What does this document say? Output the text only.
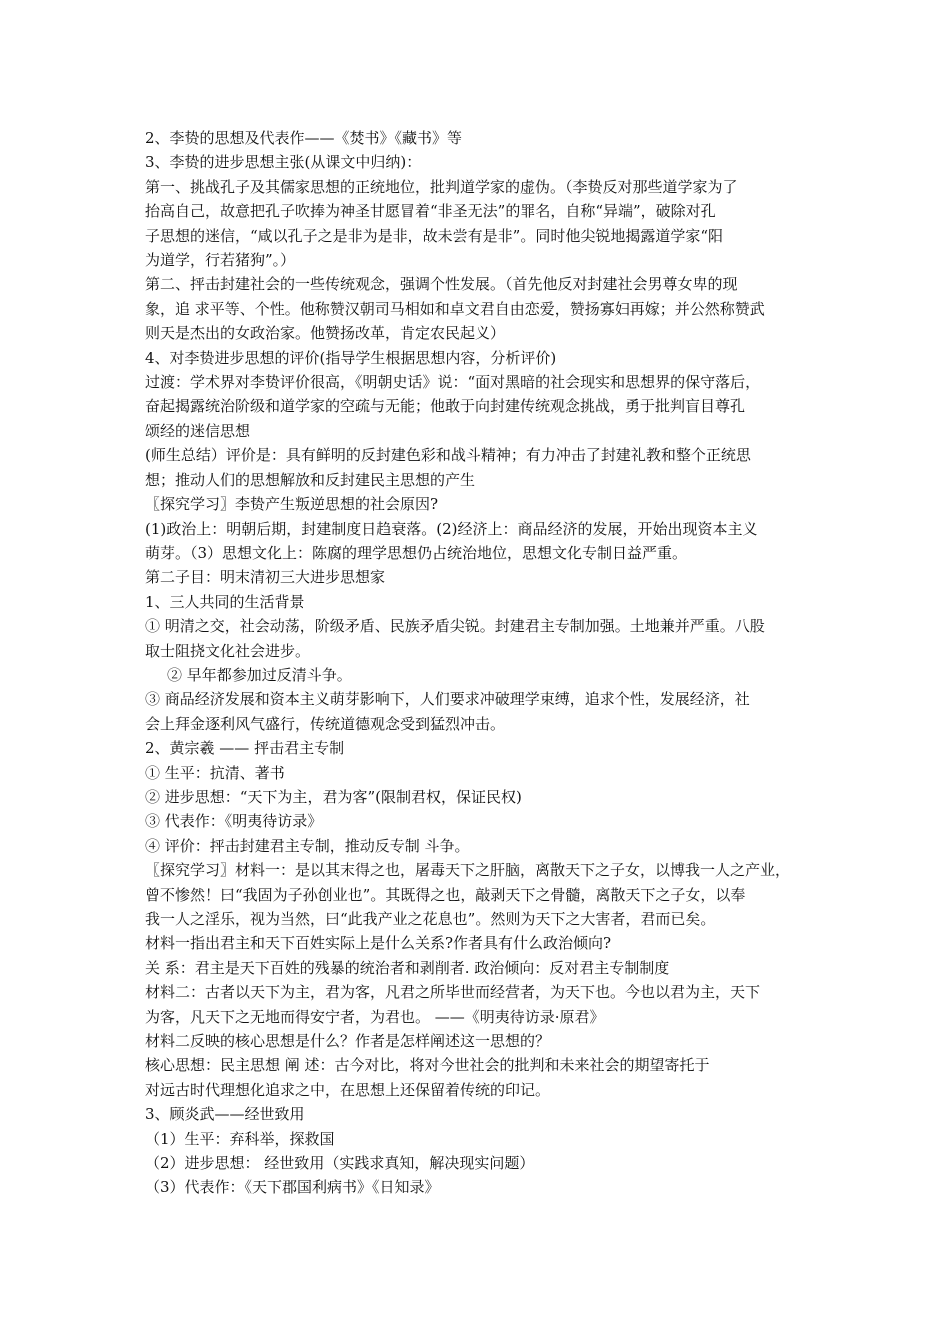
2、李贽的思想及代表作——《焚书》《藏书》等
3、李贽的进步思想主张(从课文中归纳)：
第一、挑战孔子及其儒家思想的正统地位，批判道学家的虚伪。（李贽反对那些道学家为了
抬高自己，故意把孔子吹捧为神圣甘愿冒着“非圣无法”的罪名，自称“异端”，破除对孔
子思想的迷信，“咸以孔子之是非为是非，故未尝有是非”。同时他尖锐地揭露道学家“阳
为道学，行若猪狗”。）
第二、抨击封建社会的一些传统观念，强调个性发展。（首先他反对封建社会男尊女卑的现
象，追 求平等、个性。他称赞汉朝司马相如和卓文君自由恋爱，赞扬寡妇再嫁；并公然称赞武
则天是杰出的女政治家。他赞扬改革，肯定农民起义）
4、对李贽进步思想的评价(指导学生根据思想内容，分析评价)
过渡：学术界对李贽评价很高，《明朝史话》说：“面对黑暗的社会现实和思想界的保守落后，
奋起揭露统治阶级和道学家的空疏与无能；他敢于向封建传统观念挑战，勇于批判盲目尊孔
颂经的迷信思想
(师生总结）评价是：具有鲜明的反封建色彩和战斗精神；有力冲击了封建礼教和整个正统思
想；推动人们的思想解放和反封建民主思想的产生
〖探究学习〗李贽产生叛逆思想的社会原因?
(1)政治上：明朝后期，封建制度日趋衰落。(2)经济上：商品经济的发展，开始出现资本主义
萌芽。（3）思想文化上：陈腐的理学思想仍占统治地位，思想文化专制日益严重。
第二子目：明末清初三大进步思想家
1、三人共同的生活背景
① 明清之交，社会动荡，阶级矛盾、民族矛盾尖锐。封建君主专制加强。土地兼并严重。八股
取士阻挠文化社会进步。
② 早年都参加过反清斗争。
③ 商品经济发展和资本主义萌芽影响下，人们要求冲破理学束缚，追求个性，发展经济，社
会上拜金逐利风气盛行，传统道德观念受到猛烈冲击。
2、黄宗羲 —— 抨击君主专制
① 生平：抗清、著书
② 进步思想：“天下为主，君为客”(限制君权，保证民权)
③ 代表作：《明夷待访录》
④ 评价：抨击封建君主专制，推动反专制 斗争。
〖探究学习〗材料一：是以其末得之也，屠毒天下之肝脑，离散天下之子女，以博我一人之产业，
曾不惨然！曰“我固为子孙创业也”。其既得之也，敲剥天下之骨髓，离散天下之子女，以奉
我一人之淫乐，视为当然，曰“此我产业之花息也”。然则为天下之大害者，君而已矣。
材料一指出君主和天下百姓实际上是什么关系?作者具有什么政治倾向?
关 系：君主是天下百姓的残暴的统治者和剥削者. 政治倾向：反对君主专制制度
材料二：古者以天下为主，君为客，凡君之所毕世而经营者，为天下也。今也以君为主，天下
为客，凡天下之无地而得安宁者，为君也。 ——《明夷待访录·原君》
材料二反映的核心思想是什么？作者是怎样阐述这一思想的？
核心思想：民主思想 阐 述：古今对比，将对今世社会的批判和未来社会的期望寄托于
对远古时代理想化追求之中，在思想上还保留着传统的印记。
3、顾炎武——经世致用
（1）生平：弃科举，探救国
（2）进步思想： 经世致用（实践求真知，解决现实问题）
（3）代表作：《天下郡国利病书》《日知录》
